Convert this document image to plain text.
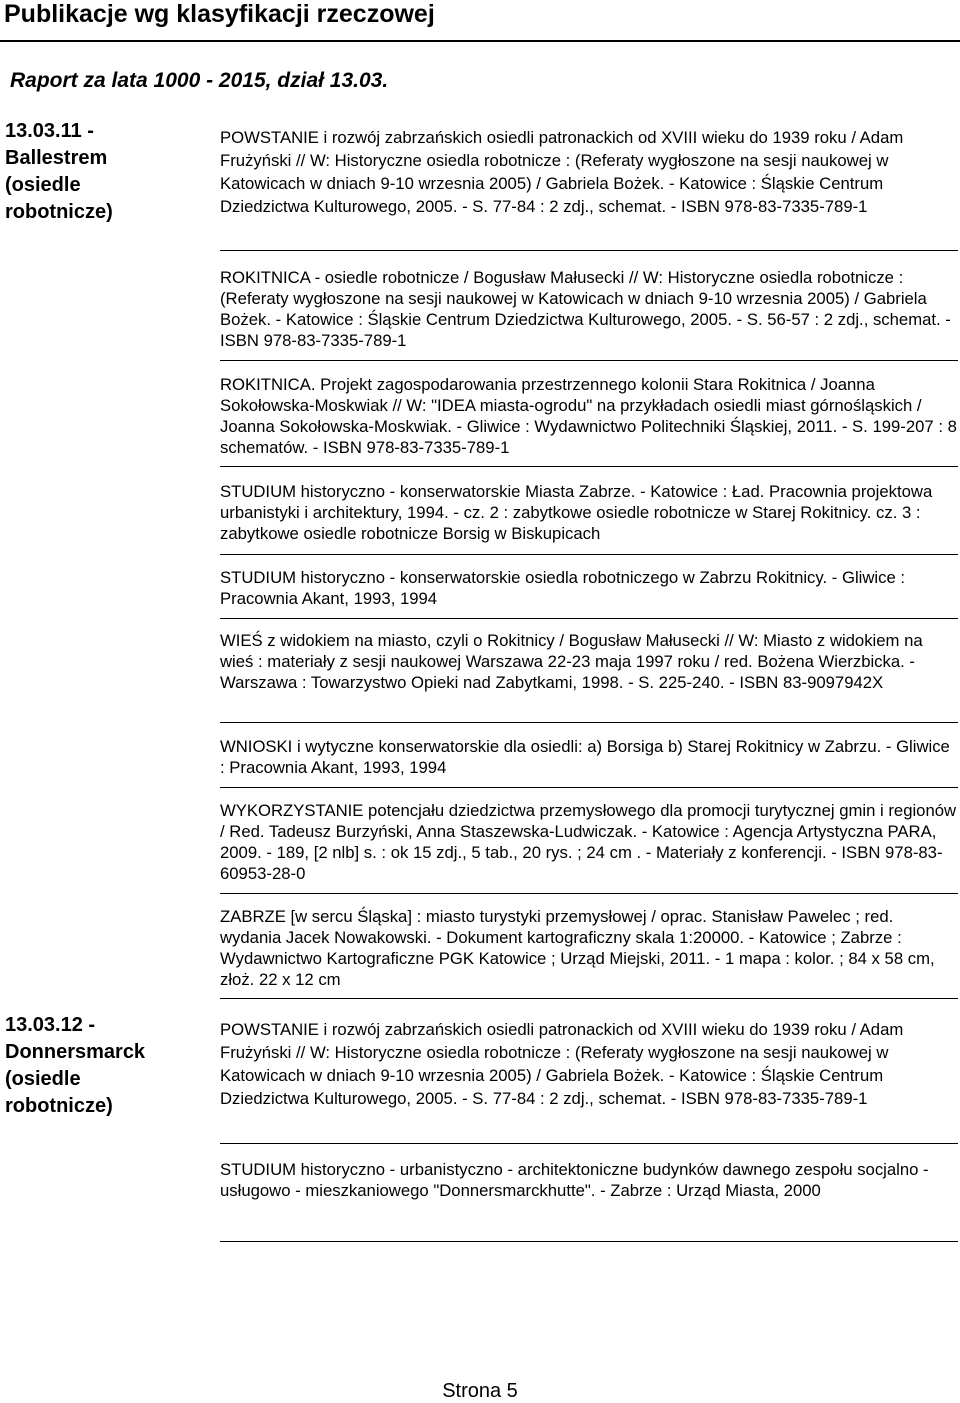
Publikacje wg klasyfikacji rzeczowej
Raport za lata 1000 - 2015, dział 13.03.
13.03.11 -
Ballestrem
(osiedle
robotnicze)
POWSTANIE i rozwój zabrzańskich osiedli patronackich od XVIII wieku do 1939 roku / Adam Frużyński // W: Historyczne osiedla robotnicze : (Referaty wygłoszone na sesji naukowej w Katowicach w dniach 9-10 wrzesnia 2005) / Gabriela Bożek. - Katowice : Śląskie Centrum Dziedzictwa Kulturowego, 2005. - S. 77-84 : 2 zdj., schemat. - ISBN 978-83-7335-789-1
ROKITNICA - osiedle robotnicze / Bogusław Małusecki // W: Historyczne osiedla robotnicze : (Referaty wygłoszone na sesji naukowej w Katowicach w dniach 9-10 wrzesnia 2005) / Gabriela Bożek. - Katowice : Śląskie Centrum Dziedzictwa Kulturowego, 2005. - S. 56-57 : 2 zdj., schemat. - ISBN 978-83-7335-789-1
ROKITNICA. Projekt zagospodarowania przestrzennego kolonii Stara Rokitnica / Joanna Sokołowska-Moskwiak // W: "IDEA miasta-ogrodu" na przykładach osiedli miast górnośląskich / Joanna Sokołowska-Moskwiak. - Gliwice : Wydawnictwo Politechniki Śląskiej, 2011. - S. 199-207 : 8 schematów. - ISBN 978-83-7335-789-1
STUDIUM historyczno - konserwatorskie Miasta Zabrze. - Katowice : Ład. Pracownia projektowa urbanistyki i architektury, 1994. - cz. 2 : zabytkowe osiedle robotnicze w Starej Rokitnicy. cz. 3 : zabytkowe osiedle robotnicze Borsig w Biskupicach
STUDIUM historyczno - konserwatorskie osiedla robotniczego w Zabrzu Rokitnicy. - Gliwice : Pracownia Akant, 1993, 1994
WIEŚ z widokiem na miasto, czyli o Rokitnicy / Bogusław Małusecki // W: Miasto z widokiem na wieś : materiały z sesji naukowej Warszawa 22-23 maja 1997 roku / red. Bożena Wierzbicka. - Warszawa : Towarzystwo Opieki nad Zabytkami, 1998. - S. 225-240. - ISBN 83-9097942X
WNIOSKI i wytyczne konserwatorskie dla osiedli: a) Borsiga b) Starej Rokitnicy w Zabrzu. - Gliwice : Pracownia Akant, 1993, 1994
WYKORZYSTANIE potencjału dziedzictwa przemysłowego dla promocji turytycznej gmin i regionów / Red. Tadeusz Burzyński, Anna Staszewska-Ludwiczak. - Katowice : Agencja Artystyczna PARA, 2009. - 189, [2 nlb] s. : ok 15 zdj., 5 tab., 20 rys. ; 24 cm . - Materiały z konferencji. - ISBN 978-83-60953-28-0
ZABRZE [w sercu Śląska] : miasto turystyki przemysłowej / oprac. Stanisław Pawelec ; red. wydania Jacek Nowakowski. - Dokument kartograficzny skala 1:20000. - Katowice ; Zabrze : Wydawnictwo Kartograficzne PGK Katowice ; Urząd Miejski, 2011. - 1 mapa : kolor. ; 84 x 58 cm, złoż. 22 x 12 cm
13.03.12 -
Donnersmarck
(osiedle
robotnicze)
POWSTANIE i rozwój zabrzańskich osiedli patronackich od XVIII wieku do 1939 roku / Adam Frużyński // W: Historyczne osiedla robotnicze : (Referaty wygłoszone na sesji naukowej w Katowicach w dniach 9-10 wrzesnia 2005) / Gabriela Bożek. - Katowice : Śląskie Centrum Dziedzictwa Kulturowego, 2005. - S. 77-84 : 2 zdj., schemat. - ISBN 978-83-7335-789-1
STUDIUM historyczno - urbanistyczno - architektoniczne budynków dawnego zespołu socjalno - usługowo - mieszkaniowego "Donnersmarckhutte". - Zabrze : Urząd Miasta, 2000
Strona 5
